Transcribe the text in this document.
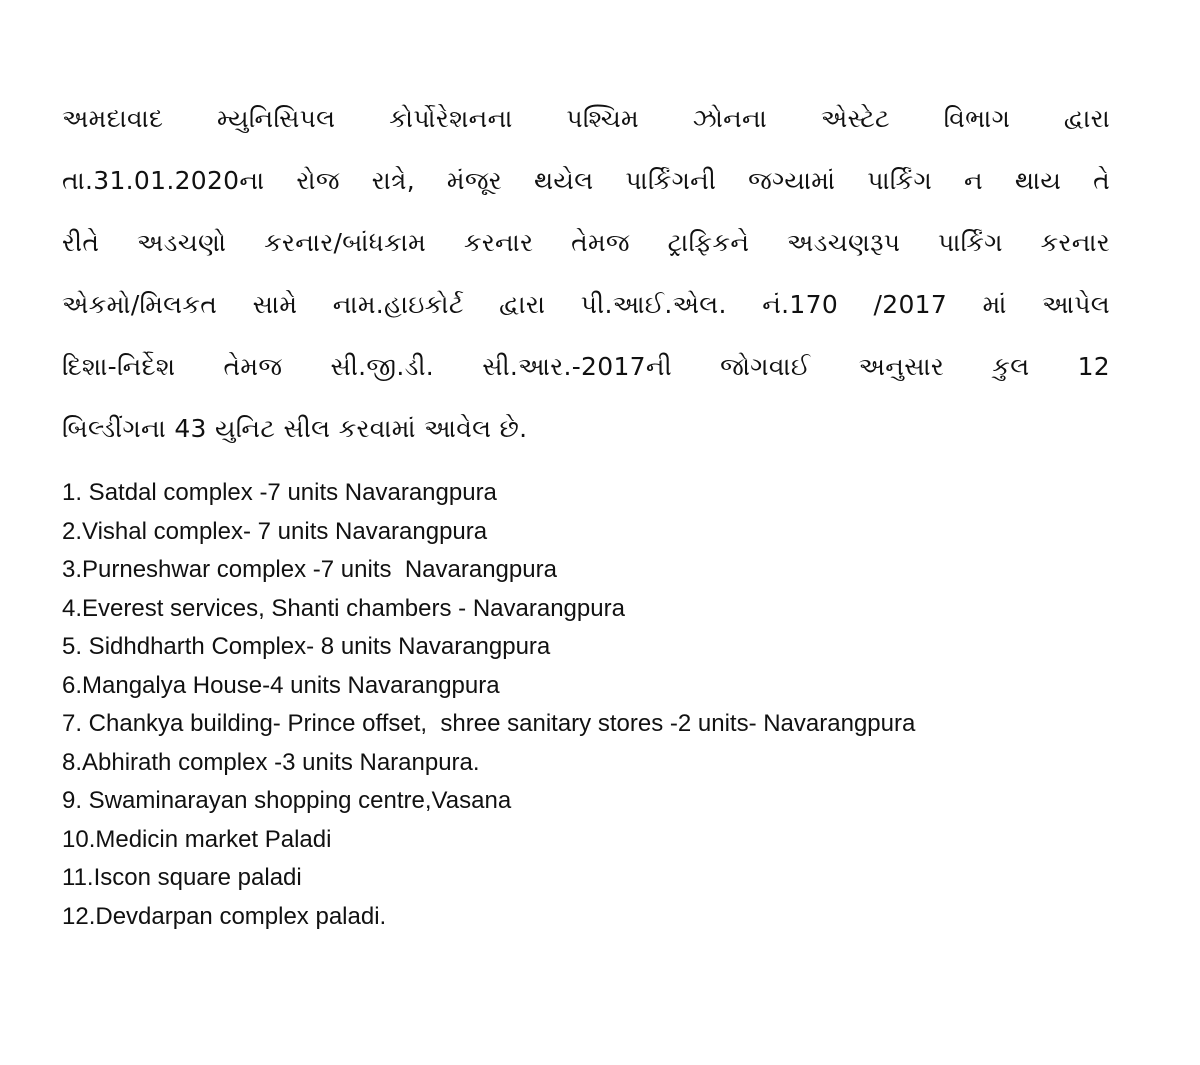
અમદાવાદ મ્યુનિસિપલ કોર્પોરેશનના પશ્ચિમ ઝોનના એસ્ટેટ વિભાગ દ્વારા
તા.31.01.2020ના રોજ રાત્રે, મંજૂર થયેલ પાર્કિંગની જગ્યામાં પાર્કિંગ ન થાય તે
રીતે અડચણો કરનાર/બાંધકામ કરનાર તેમજ ટ્રાફિકને અડચણરૂપ પાર્કિંગ કરનાર
એકમો/મિલકત સામે નામ.હાઇકોર્ટ દ્વારા પી.આઈ.એલ. નં.170 /2017 માં આપેલ
દિશા-નિર્દેશ તેમજ સી.જી.ડી. સી.આર.-2017ની જોગવાઈ અનુસાર કુલ 12
બિલ્ડીંગના 43 યુનિટ સીલ કરવામાં આવેલ છે.
1. Satdal complex -7 units Navarangpura
2.Vishal complex- 7 units Navarangpura
3.Purneshwar complex -7 units  Navarangpura
4.Everest services, Shanti chambers - Navarangpura
5. Sidhdharth Complex- 8 units Navarangpura
6.Mangalya House-4 units Navarangpura
7. Chankya building- Prince offset,  shree sanitary stores -2 units- Navarangpura
8.Abhirath complex -3 units Naranpura.
9. Swaminarayan shopping centre,Vasana
10.Medicin market Paladi
11.Iscon square paladi
12.Devdarpan complex paladi.
